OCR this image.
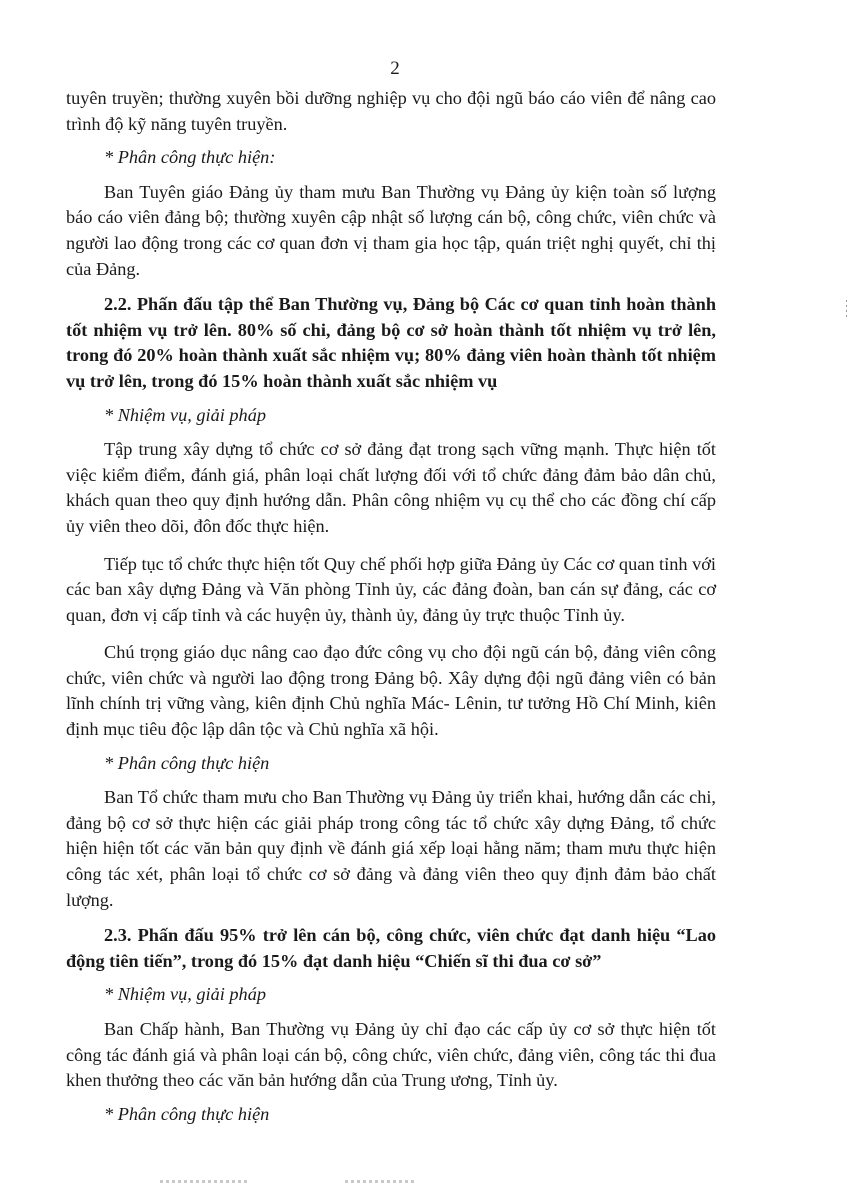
2

tuyên truyền; thường xuyên bồi dưỡng nghiệp vụ cho đội ngũ báo cáo viên để nâng cao trình độ kỹ năng tuyên truyền.

* Phân công thực hiện:

Ban Tuyên giáo Đảng ủy tham mưu Ban Thường vụ Đảng ủy kiện toàn số lượng báo cáo viên đảng bộ; thường xuyên cập nhật số lượng cán bộ, công chức, viên chức và người lao động trong các cơ quan đơn vị tham gia học tập, quán triệt nghị quyết, chỉ thị của Đảng.

2.2. Phấn đấu tập thể Ban Thường vụ, Đảng bộ Các cơ quan tỉnh hoàn thành tốt nhiệm vụ trở lên. 80% số chi, đảng bộ cơ sở hoàn thành tốt nhiệm vụ trở lên, trong đó 20% hoàn thành xuất sắc nhiệm vụ; 80% đảng viên hoàn thành tốt nhiệm vụ trở lên, trong đó 15% hoàn thành xuất sắc nhiệm vụ

* Nhiệm vụ, giải pháp

Tập trung xây dựng tổ chức cơ sở đảng đạt trong sạch vững mạnh. Thực hiện tốt việc kiểm điểm, đánh giá, phân loại chất lượng đối với tổ chức đảng đảm bảo dân chủ, khách quan theo quy định hướng dẫn. Phân công nhiệm vụ cụ thể cho các đồng chí cấp ủy viên theo dõi, đôn đốc thực hiện.

Tiếp tục tổ chức thực hiện tốt Quy chế phối hợp giữa Đảng ủy Các cơ quan tỉnh với các ban xây dựng Đảng và Văn phòng Tỉnh ủy, các đảng đoàn, ban cán sự đảng, các cơ quan, đơn vị cấp tỉnh và các huyện ủy, thành ủy, đảng ủy trực thuộc Tỉnh ủy.

Chú trọng giáo dục nâng cao đạo đức công vụ cho đội ngũ cán bộ, đảng viên công chức, viên chức và người lao động trong Đảng bộ. Xây dựng đội ngũ đảng viên có bản lĩnh chính trị vững vàng, kiên định Chủ nghĩa Mác- Lênin, tư tưởng Hồ Chí Minh, kiên định mục tiêu độc lập dân tộc và Chủ nghĩa xã hội.

* Phân công thực hiện

Ban Tổ chức tham mưu cho Ban Thường vụ Đảng ủy triển khai, hướng dẫn các chi, đảng bộ cơ sở thực hiện các giải pháp trong công tác tổ chức xây dựng Đảng, tổ chức hiện hiện tốt các văn bản quy định về đánh giá xếp loại hằng năm; tham mưu thực hiện công tác xét, phân loại tổ chức cơ sở đảng và đảng viên theo quy định đảm bảo chất lượng.

2.3. Phấn đấu 95% trở lên cán bộ, công chức, viên chức đạt danh hiệu “Lao động tiên tiến”, trong đó 15% đạt danh hiệu “Chiến sĩ thi đua cơ sở”

* Nhiệm vụ, giải pháp

Ban Chấp hành, Ban Thường vụ Đảng ủy chỉ đạo các cấp ủy cơ sở thực hiện tốt công tác đánh giá và phân loại cán bộ, công chức, viên chức, đảng viên, công tác thi đua khen thưởng theo các văn bản hướng dẫn của Trung ương, Tỉnh ủy.

* Phân công thực hiện
